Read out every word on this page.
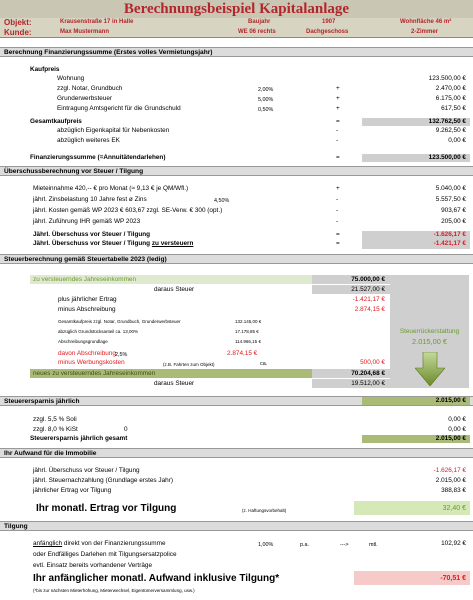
Berechnungsbeispiel Kapitalanlage
Objekt:	Krausenstraße 17 in Halle	Baujahr	1907	Wohnfläche 46 m²
Kunde:	Max Mustermann	WE 06 rechts	Dachgeschoss	2-Zimmer
Berechnung Finanzierungssumme (Erstes volles Vermietungsjahr)
Kaufpreis
Wohnung	123.500,00 €
zzgl. Notar, Grundbuch	2,00%	+	2.470,00 €
Grunderwerbsteuer	5,00%	+	6.175,00 €
Eintragung Amtsgericht für die Grundschuld	0,50%	+	617,50 €
Gesamtkaufpreis	=	132.762,50 €
abzüglich Eigenkapital für Nebenkosten	-	9.262,50 €
abzüglich weiteres EK	-	0,00 €
Finanzierungssumme (=Annuitätendarlehen)	=	123.500,00 €
Überschussberechnung vor Steuer / Tilgung
Mieteinnahme 420,-- € pro Monat (≈ 9,13 € je QM/Wfl.)	+	5.040,00 €
jährl. Zinsbelastung 10 Jahre fest ø Zins	4,50%	-	5.557,50 €
jährl. Kosten gemäß WP 2023 € 603,67 zzgl. SE-Verw. € 300 (opt.)	-	903,67 €
jährl. Zuführung IHR gemäß WP 2023	-	205,00 €
Jährl. Überschuss vor Steuer / Tilgung	=	-1.626,17 €
Jährl. Überschuss vor Steuer / Tilgung zu versteuern	=	-1.421,17 €
Steuerberechnung gemäß Steuertabelle 2023 (ledig)
zu versteuerndes Jahreseinkommen	75.000,00 €
daraus Steuer	21.527,00 €
plus jährlicher Ertrag	-1.421,17 €
minus Abschreibung	2.874,15 €
Gesamtkaufpreis zzgl. Notar, Grundbuch, Grunderwerbsteuer	132.145,00 €
abzüglich Grundstücksanteil ca. 13,00%	17.178,85 €
Abschreibungsgrundlage	114.966,15 €
davon Abschreibung 2,5%	2.874,15 €
minus Werbungskosten	(z.B. Fahrten zum Objekt)	ca.	500,00 €
neues zu versteuerndes Jahreseinkommen	70.204,68 €
daraus Steuer	19.512,00 €
Steuerrückerstattung
2.015,00 €
Steuerersparnis jährlich	2.015,00 €
zzgl. 5,5 % Soli	0,00 €
zzgl. 8,0 % KiSt	0	0,00 €
Steuerersparnis jährlich gesamt	2.015,00 €
Ihr Aufwand für die Immobilie
jährl. Überschuss vor Steuer / Tilgung	-1.626,17 €
jährl. Steuernachzahlung (Grundlage erstes Jahr)	2.015,00 €
jährlicher Ertrag vor Tilgung	388,83 €
Ihr monatl. Ertrag vor Tilgung	(z. Haftungsvorbehalt)	32,40 €
Tilgung
anfänglich direkt von der Finanzierungssumme	1,00%	p.a.	--->	mtl.	102,92 €
oder Endfälliges Darlehen mit Tilgungsersatzpolice
evtl. Einsatz bereits vorhandener Verträge
Ihr anfänglicher monatl. Aufwand inklusive Tilgung*	-70,51 €
(*bis zur nächsten Mieterhöhung, Mieterwechsel, Eigentümerversammlung, usw.)
